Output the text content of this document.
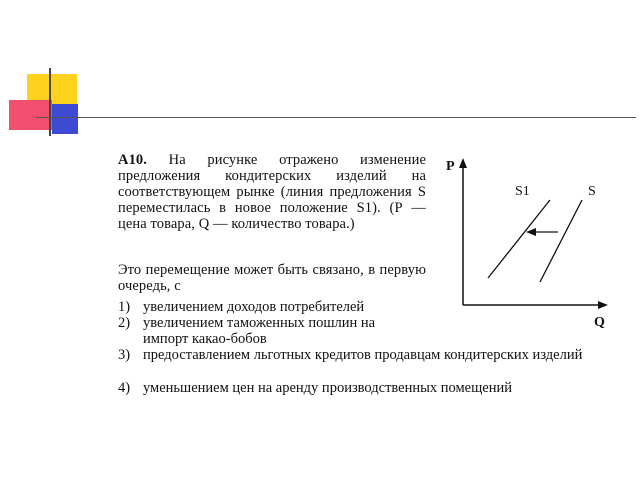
А10. На рисунке отражено изменение предложения кондитерских изделий на соответствующем рынке (линия предложения S переместилась в новое положение S1). (Р — цена товара, Q — количество товара.)
Это перемещение может быть связано, в первую очередь, с
1) увеличением доходов потребителей
2) увеличением таможенных пошлин на импорт какао-бобов
3) предоставлением льготных кредитов продавцам кондитерских изделий
4) уменьшением цен на аренду производственных помещений
P
Q
S1	S
